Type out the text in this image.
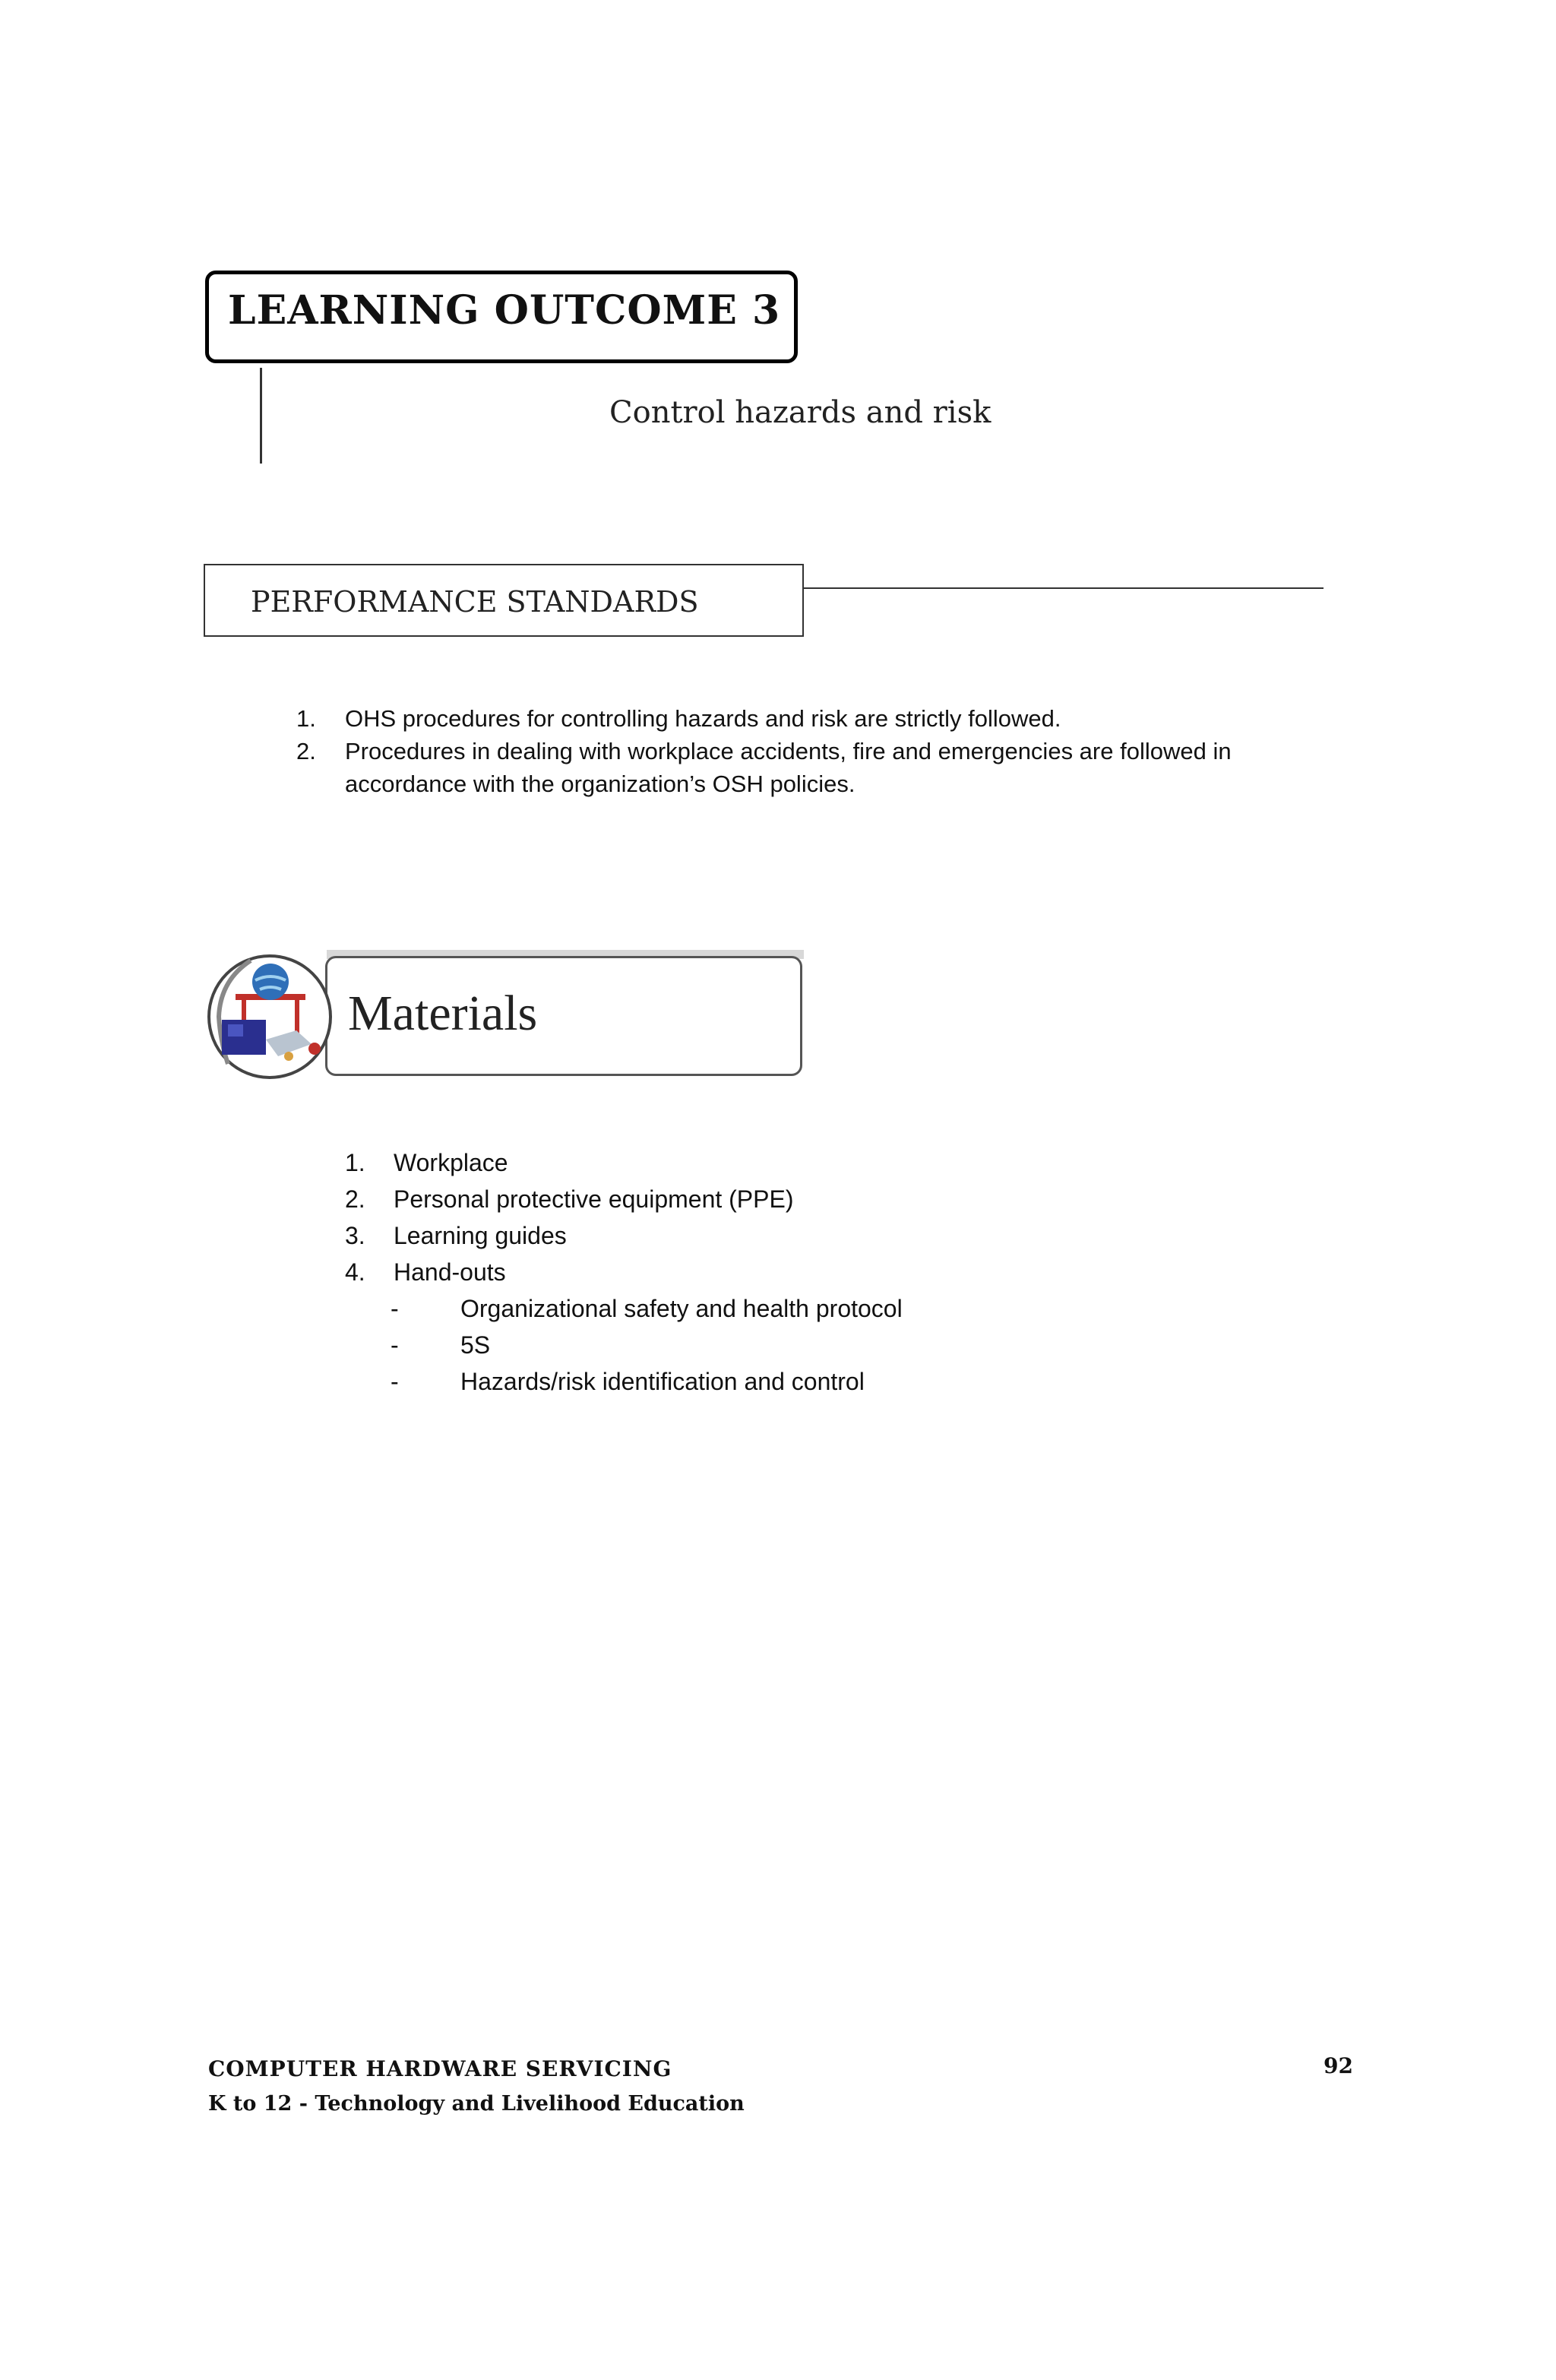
LEARNING OUTCOME 3
Control hazards and risk
PERFORMANCE STANDARDS
1. OHS procedures for controlling hazards and risk are strictly followed.
2. Procedures in dealing with workplace accidents, fire and emergencies are followed in accordance with the organization’s OSH policies.
Materials
1. Workplace
2. Personal protective equipment (PPE)
3. Learning guides
4. Hand-outs
-	Organizational safety and health protocol
-	5S
-	Hazards/risk identification and control
COMPUTER HARDWARE SERVICING
K to 12 - Technology and Livelihood Education
92
